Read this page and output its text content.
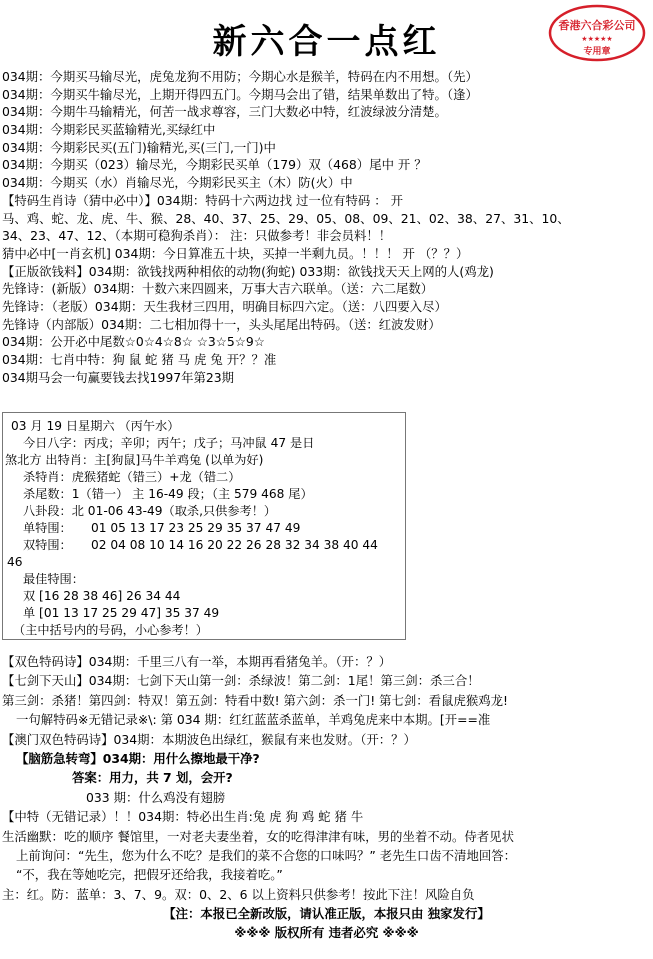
新六合一点红	香港六合彩公司
★★★★★
专用章
034期：今期买马输尽光，虎兔龙狗不用防；今期心水是猴羊，特码在内不用想。（先）
034期：今期买牛输尽光，上期开得四五门。今期马会出了错，结果单数出了特。（逢）
034期：今期牛马输精光，何苦一战求尊容，三门大数必中特，红波绿波分清楚。
034期：今期彩民买蓝输精光,买绿红中
034期：今期彩民买(五门)输精光,买(三门,一门)中
034期：今期买（023）输尽光，今期彩民买单（179）双（468）尾中 开 ？
034期：今期买（水）肖输尽光，今期彩民买主（木）防(火）中
【特码生肖诗（猜中必中）】034期：特码十六两边找 过一位有特码 ： 开
马、鸡、蛇、龙、虎、牛、猴、28、40、37、25、29、05、08、09、21、02、38、27、31、10、
34、23、47、12、（本期可稳狗杀肖）： 注：只做参考！非会员料！！
猜中必中[一肖玄机] 034期：今日算准五十块，买掉一半剩九员。！！！ 开 （？？）
【正版欲钱料】034期：欲钱找两种相依的动物(狗蛇) 033期：欲钱找天天上网的人(鸡龙)
先锋诗：(新版）034期：十数六来四圆来，万事大吉六联单。（送：六二尾数）
先锋诗：（老版）034期：天生我材三四用，明确目标四六定。（送：八四要入尽）
先锋诗（内部版）034期：二七相加得十一，头头尾尾出特码。（送：红波发财）
034期：公开必中尾数☆0☆4☆8☆ ☆3☆5☆9☆
034期：七肖中特：狗 鼠 蛇 猪 马 虎 兔 开？？准
034期马会一句赢要钱去找1997年第23期
03 月 19 日星期六 （丙午水）
今日八字：丙戌；辛卯；丙午；戊子；马冲鼠 47 是日
煞北方 出特肖：主[狗鼠]马牛羊鸡兔 (以单为好)
杀特肖：虎猴猪蛇（错三）+龙（错二）
杀尾数：1（错一） 主 16-49 段；（主 579 468 尾）
八卦段：北 01-06 43-49（取杀,只供参考！）
单特围： 01 05 13 17 23 25 29 35 37 47 49
双特围： 02 04 08 10 14 16 20 22 26 28 32 34 38 40 44
46
最佳特围：
双 [16 28 38 46] 26 34 44
单 [01 13 17 25 29 47] 35 37 49
（主中括号内的号码，小心参考！）
【双色特码诗】034期：千里三八有一举，本期再看猪兔羊。（开：？）
【七剑下天山】034期：七剑下天山第一剑：杀绿波！第二剑：1尾！第三剑：杀三合！
第三剑：杀猪！第四剑：特双！第五剑：特看中数! 第六剑：杀一门! 第七剑：看鼠虎猴鸡龙!
一句解特码※无错记录※\: 第 034 期：红红蓝蓝杀蓝单，羊鸡兔虎来中本期。[开==准
【澳门双色特码诗】034期：本期波色出绿红，猴鼠有来也发财。（开：？）
【脑筋急转弯】034期：用什么擦地最干净?
答案：用力，共 7 划，会开?
033 期：什么鸡没有翅膀
【中特（无错记录）！！034期：特必出生肖:兔 虎 狗 鸡 蛇 猪 牛
生活幽默：吃的顺序 餐馆里，一对老夫妻坐着，女的吃得津津有味，男的坐着不动。侍者见状
上前询问：“先生，您为什么不吃？是我们的菜不合您的口味吗？” 老先生口齿不清地回答：
“不，我在等她吃完，把假牙还给我，我接着吃。”
主：红。防：蓝单：3、7、9。双：0、2、6 以上资料只供参考！按此下注！风险自负
【注：本报已全新改版，请认准正版，本报只由 独家发行】
※※※ 版权所有 违者必究 ※※※
